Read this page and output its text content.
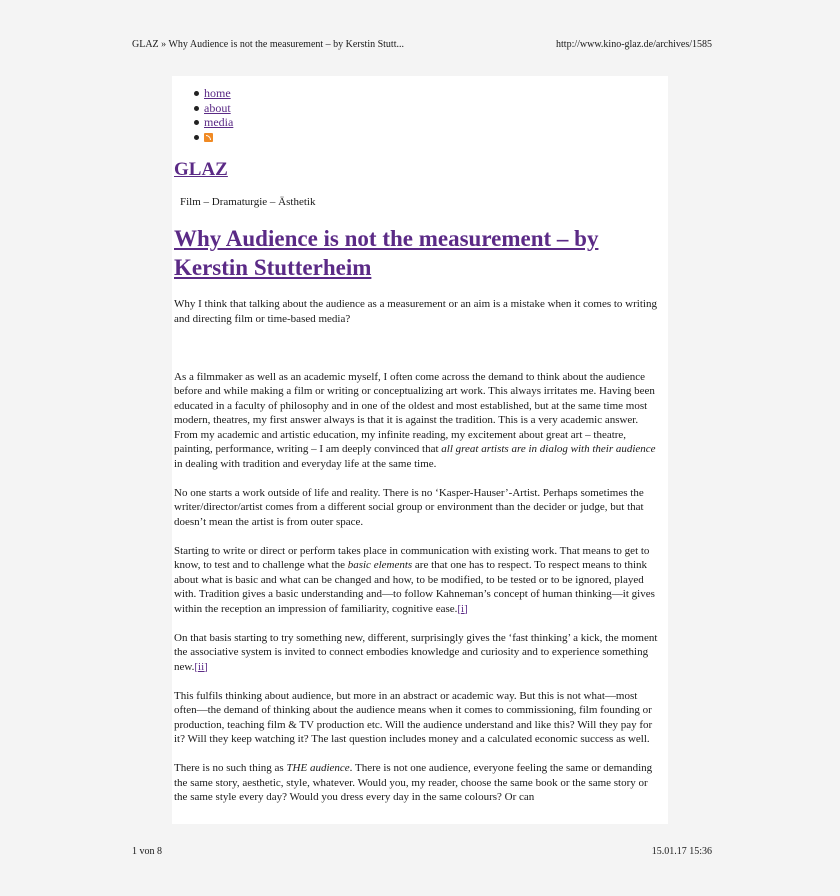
GLAZ » Why Audience is not the measurement – by Kerstin Stutt...	http://www.kino-glaz.de/archives/1585
home
about
media
GLAZ
Film – Dramaturgie – Ästhetik
Why Audience is not the measurement – by Kerstin Stutterheim

Why I think that talking about the audience as a measurement or an aim is a mistake when it comes to writing and directing film or time-based media?

As a filmmaker as well as an academic myself, I often come across the demand to think about the audience before and while making a film or writing or conceptualizing art work. This always irritates me. Having been educated in a faculty of philosophy and in one of the oldest and most established, but at the same time most modern, theatres, my first answer always is that it is against the tradition. This is a very academic answer. From my academic and artistic education, my infinite reading, my excitement about great art – theatre, painting, performance, writing – I am deeply convinced that all great artists are in dialog with their audience in dealing with tradition and everyday life at the same time.

No one starts a work outside of life and reality. There is no ‘Kasper-Hauser’-Artist. Perhaps sometimes the writer/director/artist comes from a different social group or environment than the decider or judge, but that doesn’t mean the artist is from outer space.

Starting to write or direct or perform takes place in communication with existing work. That means to get to know, to test and to challenge what the basic elements are that one has to respect. To respect means to think about what is basic and what can be changed and how, to be modified, to be tested or to be ignored, played with. Tradition gives a basic understanding and—to follow Kahneman’s concept of human thinking—it gives within the reception an impression of familiarity, cognitive ease.[i]

On that basis starting to try something new, different, surprisingly gives the ‘fast thinking’ a kick, the moment the associative system is invited to connect embodies knowledge and curiosity and to experience something new.[ii]

This fulfils thinking about audience, but more in an abstract or academic way. But this is not what—most often—the demand of thinking about the audience means when it comes to commissioning, film founding or production, teaching film & TV production etc. Will the audience understand and like this? Will they pay for it? Will they keep watching it? The last question includes money and a calculated economic success as well.

There is no such thing as THE audience. There is not one audience, everyone feeling the same or demanding the same story, aesthetic, style, whatever. Would you, my reader, choose the same book or the same story or the same style every day? Would you dress every day in the same colours? Or can

1 von 8	15.01.17 15:36
